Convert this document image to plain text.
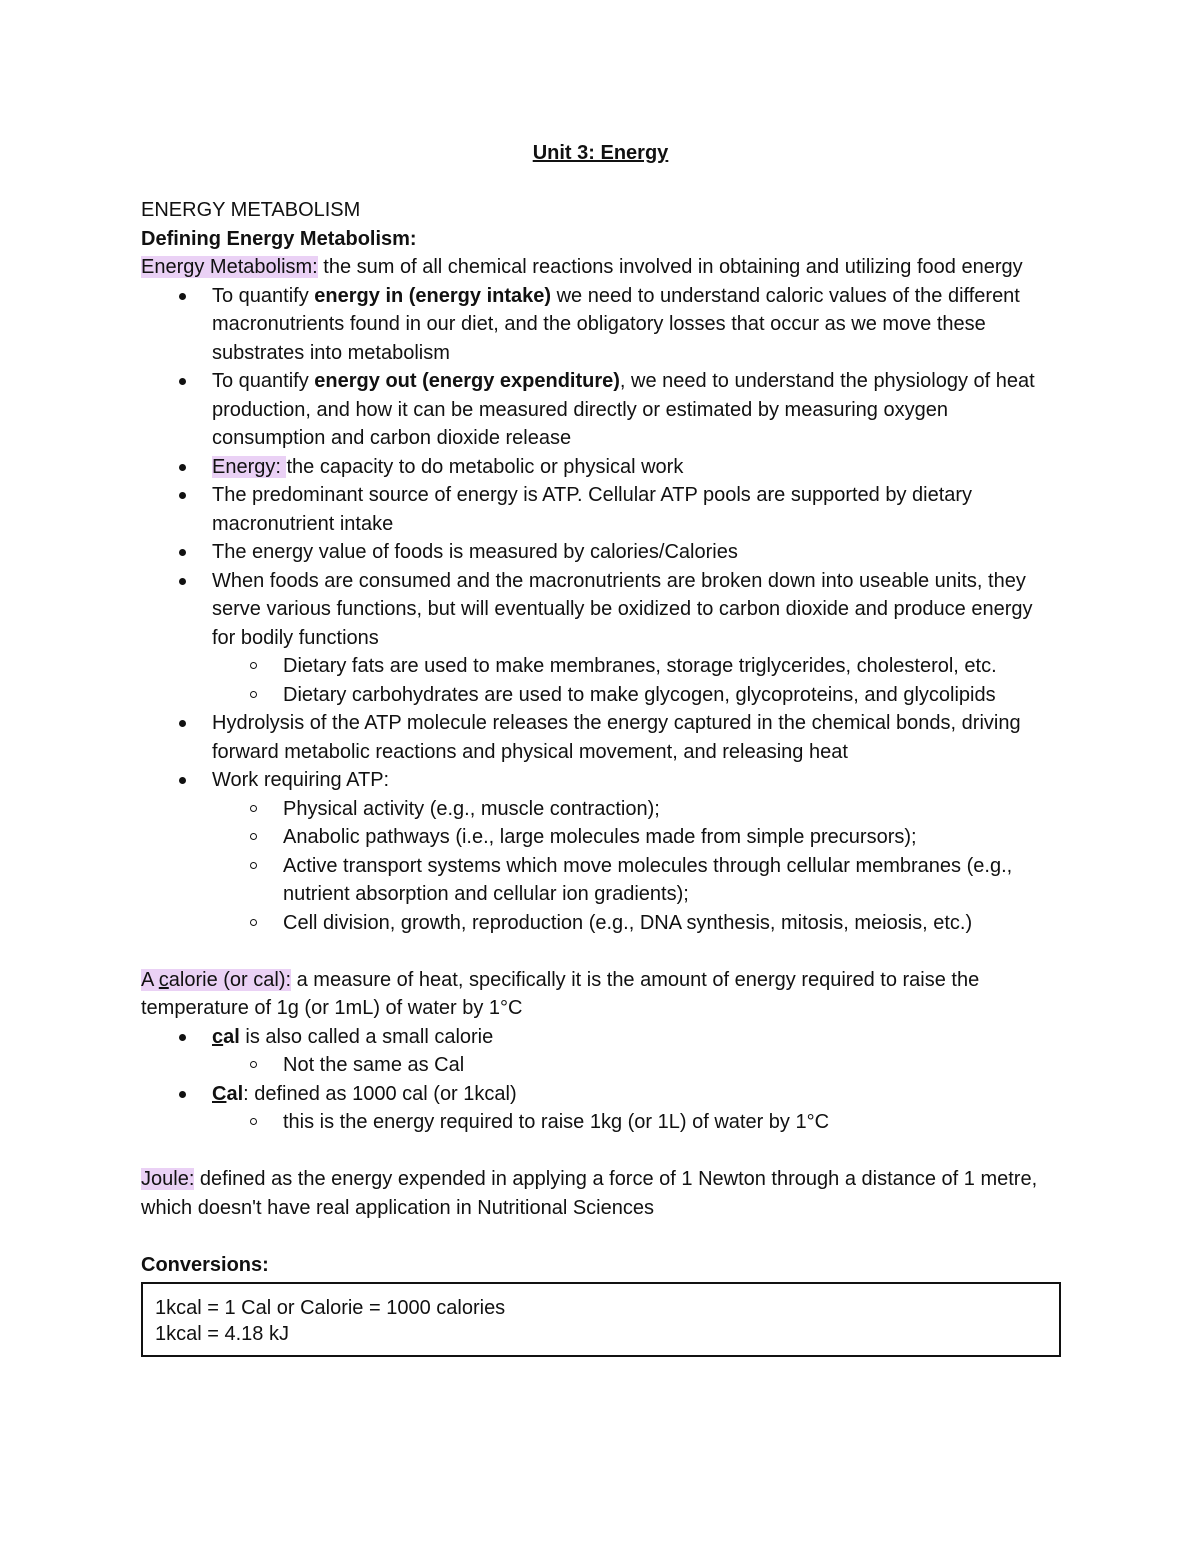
Unit 3: Energy

ENERGY METABOLISM

Defining Energy Metabolism:

Energy Metabolism: the sum of all chemical reactions involved in obtaining and utilizing food energy

To quantify energy in (energy intake) we need to understand caloric values of the different macronutrients found in our diet, and the obligatory losses that occur as we move these substrates into metabolism
To quantify energy out (energy expenditure), we need to understand the physiology of heat production, and how it can be measured directly or estimated by measuring oxygen consumption and carbon dioxide release
Energy: the capacity to do metabolic or physical work
The predominant source of energy is ATP. Cellular ATP pools are supported by dietary macronutrient intake
The energy value of foods is measured by calories/Calories
When foods are consumed and the macronutrients are broken down into useable units, they serve various functions, but will eventually be oxidized to carbon dioxide and produce energy for bodily functions
Dietary fats are used to make membranes, storage triglycerides, cholesterol, etc.
Dietary carbohydrates are used to make glycogen, glycoproteins, and glycolipids
Hydrolysis of the ATP molecule releases the energy captured in the chemical bonds, driving forward metabolic reactions and physical movement, and releasing heat
Work requiring ATP:
Physical activity (e.g., muscle contraction);
Anabolic pathways (i.e., large molecules made from simple precursors);
Active transport systems which move molecules through cellular membranes (e.g., nutrient absorption and cellular ion gradients);
Cell division, growth, reproduction (e.g., DNA synthesis, mitosis, meiosis, etc.)

A calorie (or cal): a measure of heat, specifically it is the amount of energy required to raise the temperature of 1g (or 1mL) of water by 1°C

cal is also called a small calorie
Not the same as Cal
Cal: defined as 1000 cal (or 1kcal)
this is the energy required to raise 1kg (or 1L) of water by 1°C

Joule: defined as the energy expended in applying a force of 1 Newton through a distance of 1 metre, which doesn't have real application in Nutritional Sciences

Conversions:

1kcal = 1 Cal or Calorie = 1000 calories

1kcal = 4.18 kJ
